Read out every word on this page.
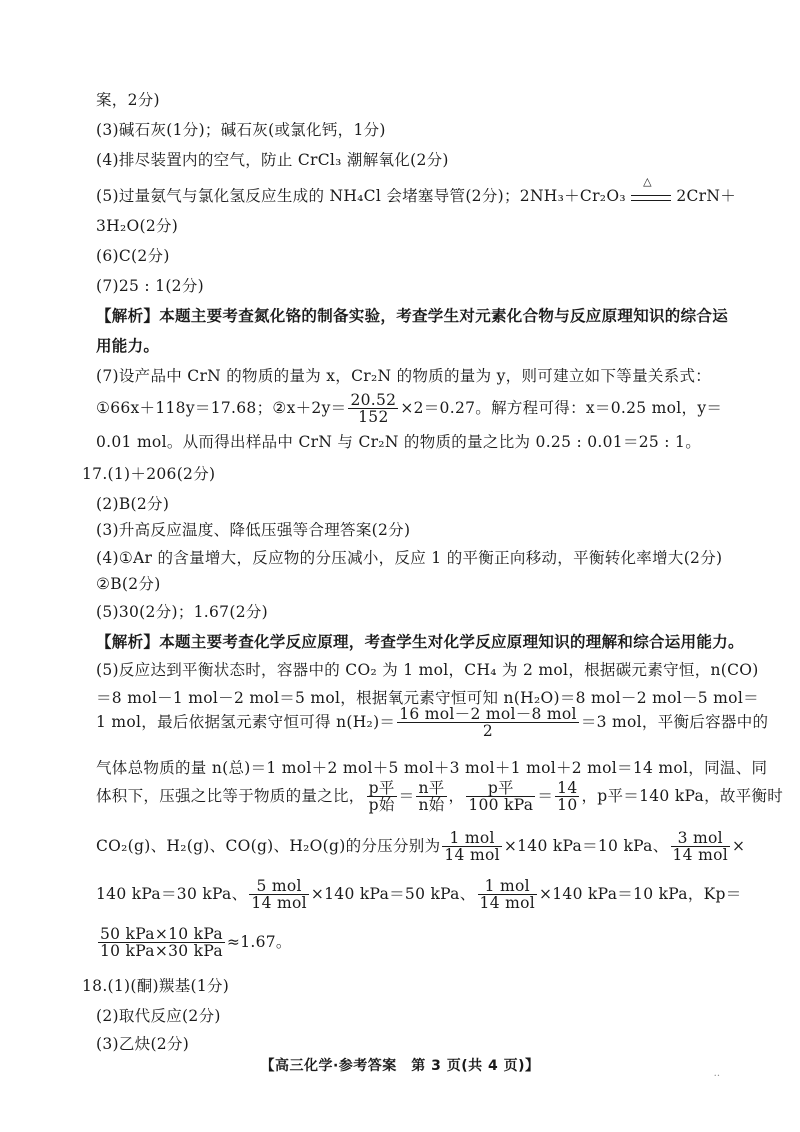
案，2分)
(3)碱石灰(1分)；碱石灰(或氯化钙，1分)
(4)排尽装置内的空气，防止 CrCl₃ 潮解氧化(2分)
(5)过量氨气与氯化氢反应生成的 NH₄Cl 会堵塞导管(2分)；2NH₃＋Cr₂O₃
△
2CrN＋
3H₂O(2分)
(6)C(2分)
(7)25 : 1(2分)
【解析】本题主要考查氮化铬的制备实验，考查学生对元素化合物与反应原理知识的综合运
用能力。
(7)设产品中 CrN 的物质的量为 x，Cr₂N 的物质的量为 y，则可建立如下等量关系式：
①66x＋118y＝17.68；②x＋2y＝ $\frac{20.52}{152} \times 2=0.27$。解方程可得：x＝0.25 mol，y＝
0.01 mol。从而得出样品中 CrN 与 Cr₂N 的物质的量之比为 0.25 : 0.01＝25 : 1。
17.(1)＋206(2分)
(2)B(2分)
(3)升高反应温度、降低压强等合理答案(2分)
(4)①Ar 的含量增大，反应物的分压减小，反应 1 的平衡正向移动，平衡转化率增大(2分)
②B(2分)
(5)30(2分)；1.67(2分)
【解析】本题主要考查化学反应原理，考查学生对化学反应原理知识的理解和综合运用能力。
(5)反应达到平衡状态时，容器中的 CO₂ 为 1 mol，CH₄ 为 2 mol，根据碳元素守恒，n(CO)
＝8 mol－1 mol－2 mol＝5 mol，根据氧元素守恒可知 n(H₂O)＝8 mol－2 mol－5 mol＝
1 mol，最后依据氢元素守恒可得 $n(H_2)= \frac{\text{16 mol－2 mol－8 mol}}{2} =3$ mol，平衡后容器中的
气体总物质的量 n(总)＝1 mol＋2 mol＋5 mol＋3 mol＋1 mol＋2 mol＝14 mol，同温、同
体积下，压强之比等于物质的量之比， $\frac{\text{p平}}{\text{p始}} = \frac{\text{n平}}{\text{n始}}$ ， $\frac{\text{p平}}{\text{100 kPa}} = \frac{14}{10}$ ，p平＝140 kPa，故平衡时
CO₂(g)、H₂(g)、CO(g)、H₂O(g)的分压分别为 $\frac{\text{1 mol}}{\text{14 mol}} \times 140$ kPa＝10 kPa、 $\frac{\text{3 mol}}{\text{14 mol}}$ ×
140 kPa＝30 kPa、 $\frac{\text{5 mol}}{\text{14 mol}} \times 140$ kPa＝50 kPa、 $\frac{\text{1 mol}}{\text{14 mol}} \times 140$ kPa＝10 kPa，Kp＝
$\frac{\text{50 kPa×10 kPa}}{\text{10 kPa×30 kPa}} \approx 1.67$。
18.(1)(酮)羰基(1分)
(2)取代反应(2分)
(3)乙炔(2分)
【高三化学·参考答案　第 3 页(共 4 页)】	..
